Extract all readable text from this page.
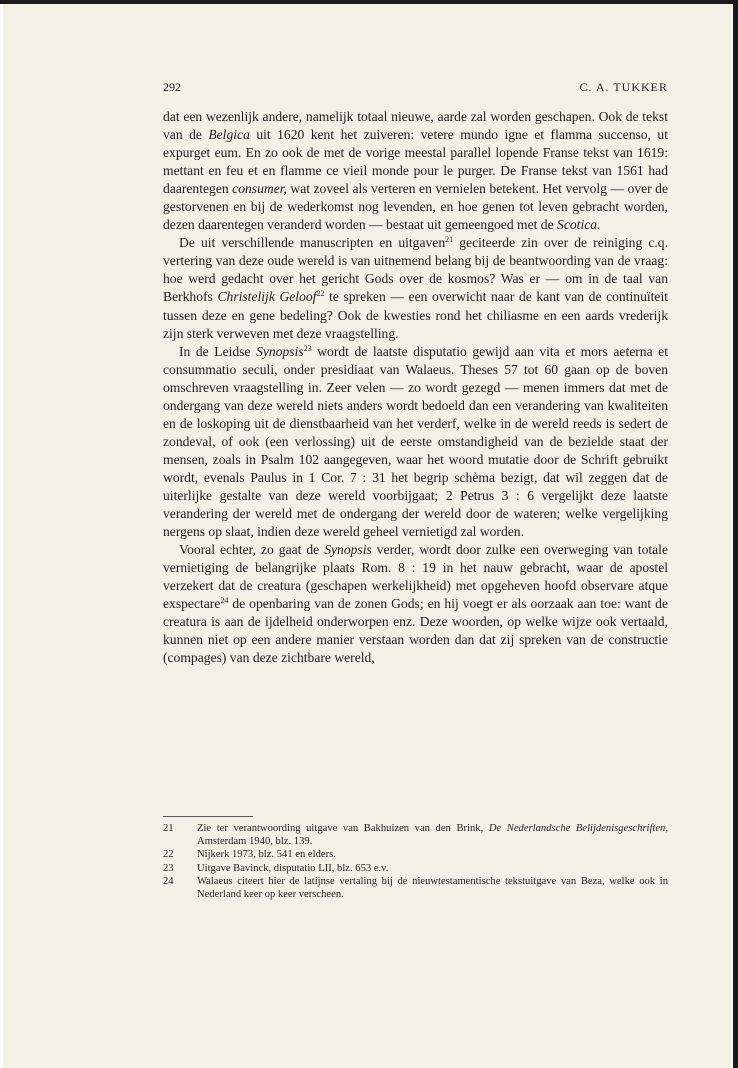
292	C. A. TUKKER

dat een wezenlijk andere, namelijk totaal nieuwe, aarde zal worden geschapen. Ook de tekst van de Belgica uit 1620 kent het zuiveren: vetere mundo igne et flamma succenso, ut expurget eum. En zo ook de met de vorige meestal parallel lopende Franse tekst van 1619: mettant en feu et en flamme ce vieil monde pour le purger. De Franse tekst van 1561 had daarentegen consumer, wat zoveel als verteren en vernielen betekent. Het vervolg — over de gestorvenen en bij de wederkomst nog levenden, en hoe genen tot leven gebracht worden, dezen daarentegen veranderd worden — bestaat uit gemeengoed met de Scotica.

De uit verschillende manuscripten en uitgaven$^{21}$ geciteerde zin over de reiniging c.q. vertering van deze oude wereld is van uitnemend belang bij de beantwoording van de vraag: hoe werd gedacht over het gericht Gods over de kosmos? Was er — om in de taal van Berkhofs Christelijk Geloof$^{22}$ te spreken — een overwicht naar de kant van de continuïteit tussen deze en gene bedeling? Ook de kwesties rond het chiliasme en een aards vrederijk zijn sterk verweven met deze vraagstelling.

In de Leidse Synopsis$^{23}$ wordt de laatste disputatio gewijd aan vita et mors aeterna et consummatio seculi, onder presidiaat van Walaeus. Theses 57 tot 60 gaan op de boven omschreven vraagstelling in. Zeer velen — zo wordt gezegd — menen immers dat met de ondergang van deze wereld niets anders wordt bedoeld dan een verandering van kwaliteiten en de loskoping uit de dienstbaarheid van het verderf, welke in de wereld reeds is sedert de zondeval, of ook (een verlossing) uit de eerste omstandigheid van de bezielde staat der mensen, zoals in Psalm 102 aangegeven, waar het woord mutatie door de Schrift gebruikt wordt, evenals Paulus in 1 Cor. 7 : 31 het begrip schèma bezigt, dat wil zeggen dat de uiterlijke gestalte van deze wereld voorbijgaat; 2 Petrus 3 : 6 vergelijkt deze laatste verandering der wereld met de ondergang der wereld door de wateren; welke vergelijking nergens op slaat, indien deze wereld geheel vernietigd zal worden.

Vooral echter, zo gaat de Synopsis verder, wordt door zulke een overweging van totale vernietiging de belangrijke plaats Rom. 8 : 19 in het nauw gebracht, waar de apostel verzekert dat de creatura (geschapen werkelijkheid) met opgeheven hoofd observare atque exspectare$^{24}$ de openbaring van de zonen Gods; en hij voegt er als oorzaak aan toe: want de creatura is aan de ijdelheid onderworpen enz. Deze woorden, op welke wijze ook vertaald, kunnen niet op een andere manier verstaan worden dan dat zij spreken van de constructie (compages) van deze zichtbare wereld,

21 Zie ter verantwoording uitgave van Bakhuizen van den Brink, De Nederlandsche Belijdenisgeschriften, Amsterdam 1940, blz. 139.
22 Nijkerk 1973, blz. 541 en elders.
23 Uitgave Bavinck, disputatio LII, blz. 653 e.v.
24 Walaeus citeert hier de latijnse vertaling bij de nieuwtestamentische tekstuitgave van Beza, welke ook in Nederland keer op keer verscheen.
